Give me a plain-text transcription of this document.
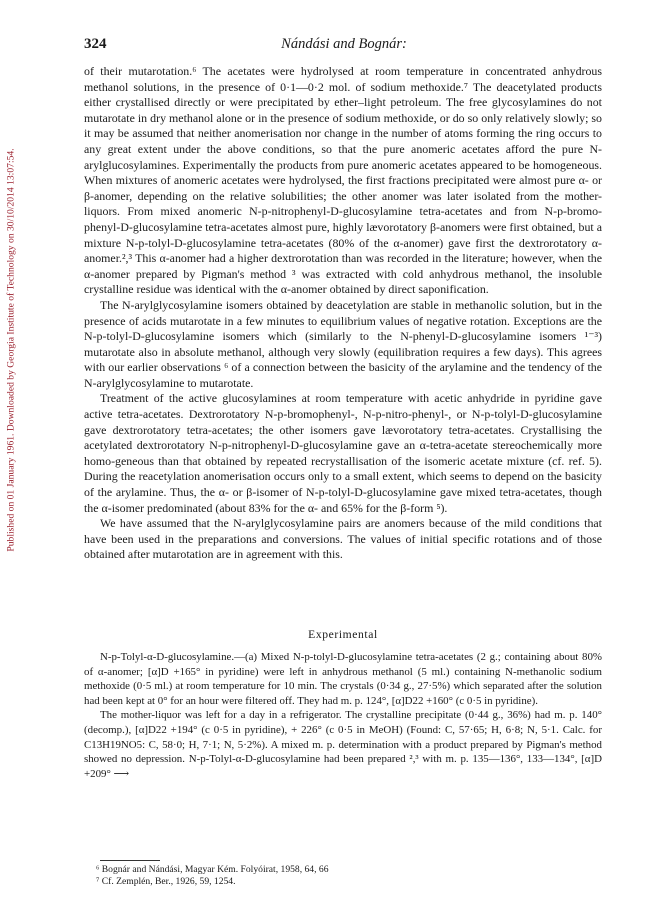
Published on 01 January 1961. Downloaded by Georgia Institute of Technology on 30/10/2014 13:07:54.
324	Nándási and Bognár:

of their mutarotation.⁶ The acetates were hydrolysed at room temperature in concentrated anhydrous methanol solutions, in the presence of 0·1—0·2 mol. of sodium methoxide.⁷ The deacetylated products either crystallised directly or were precipitated by ether–light petroleum. The free glycosylamines do not mutarotate in dry methanol alone or in the presence of sodium methoxide, or do so only relatively slowly; so it may be assumed that neither anomerisation nor change in the number of atoms forming the ring occurs to any great extent under the above conditions, so that the pure anomeric acetates afford the pure N-arylglucosylamines. Experimentally the products from pure anomeric acetates appeared to be homogeneous. When mixtures of anomeric acetates were hydrolysed, the first fractions precipitated were almost pure α- or β-anomer, depending on the relative solubilities; the other anomer was later isolated from the mother-liquors. From mixed anomeric N-p-nitrophenyl-D-glucosylamine tetra-acetates and from N-p-bromo-phenyl-D-glucosylamine tetra-acetates almost pure, highly lævorotatory β-anomers were first obtained, but a mixture N-p-tolyl-D-glucosylamine tetra-acetates (80% of the α-anomer) gave first the dextrorotatory α-anomer.²,³ This α-anomer had a higher dextrorotation than was recorded in the literature; however, when the α-anomer prepared by Pigman's method ³ was extracted with cold anhydrous methanol, the insoluble crystalline residue was identical with the α-anomer obtained by direct saponification.

The N-arylglycosylamine isomers obtained by deacetylation are stable in methanolic solution, but in the presence of acids mutarotate in a few minutes to equilibrium values of negative rotation. Exceptions are the N-p-tolyl-D-glucosylamine isomers which (similarly to the N-phenyl-D-glucosylamine isomers ¹⁻³) mutarotate also in absolute methanol, although very slowly (equilibration requires a few days). This agrees with our earlier observations ⁶ of a connection between the basicity of the arylamine and the tendency of the N-arylglycosylamine to mutarotate.

Treatment of the active glucosylamines at room temperature with acetic anhydride in pyridine gave active tetra-acetates. Dextrorotatory N-p-bromophenyl-, N-p-nitro-phenyl-, or N-p-tolyl-D-glucosylamine gave dextrorotatory tetra-acetates; the other isomers gave lævorotatory tetra-acetates. Crystallising the acetylated dextrorotatory N-p-nitrophenyl-D-glucosylamine gave an α-tetra-acetate stereochemically more homo-geneous than that obtained by repeated recrystallisation of the isomeric acetate mixture (cf. ref. 5). During the reacetylation anomerisation occurs only to a small extent, which seems to depend on the basicity of the arylamine. Thus, the α- or β-isomer of N-p-tolyl-D-glucosylamine gave mixed tetra-acetates, though the α-isomer predominated (about 83% for the α- and 65% for the β-form ⁵).

We have assumed that the N-arylglycosylamine pairs are anomers because of the mild conditions that have been used in the preparations and conversions. The values of initial specific rotations and of those obtained after mutarotation are in agreement with this.

Experimental

N-p-Tolyl-α-D-glucosylamine.—(a) Mixed N-p-tolyl-D-glucosylamine tetra-acetates (2 g.; containing about 80% of α-anomer; [α]D +165° in pyridine) were left in anhydrous methanol (5 ml.) containing N-methanolic sodium methoxide (0·5 ml.) at room temperature for 10 min. The crystals (0·34 g., 27·5%) which separated after the solution had been kept at 0° for an hour were filtered off. They had m. p. 124°, [α]D22 +160° (c 0·5 in pyridine).

The mother-liquor was left for a day in a refrigerator. The crystalline precipitate (0·44 g., 36%) had m. p. 140° (decomp.), [α]D22 +194° (c 0·5 in pyridine), + 226° (c 0·5 in MeOH) (Found: C, 57·65; H, 6·8; N, 5·1. Calc. for C13H19NO5: C, 58·0; H, 7·1; N, 5·2%). A mixed m. p. determination with a product prepared by Pigman's method showed no depression. N-p-Tolyl-α-D-glucosylamine had been prepared ²,³ with m. p. 135—136°, 133—134°, [α]D +209° ⟶

⁶ Bognár and Nándási, Magyar Kém. Folyóirat, 1958, 64, 66
⁷ Cf. Zemplén, Ber., 1926, 59, 1254.
